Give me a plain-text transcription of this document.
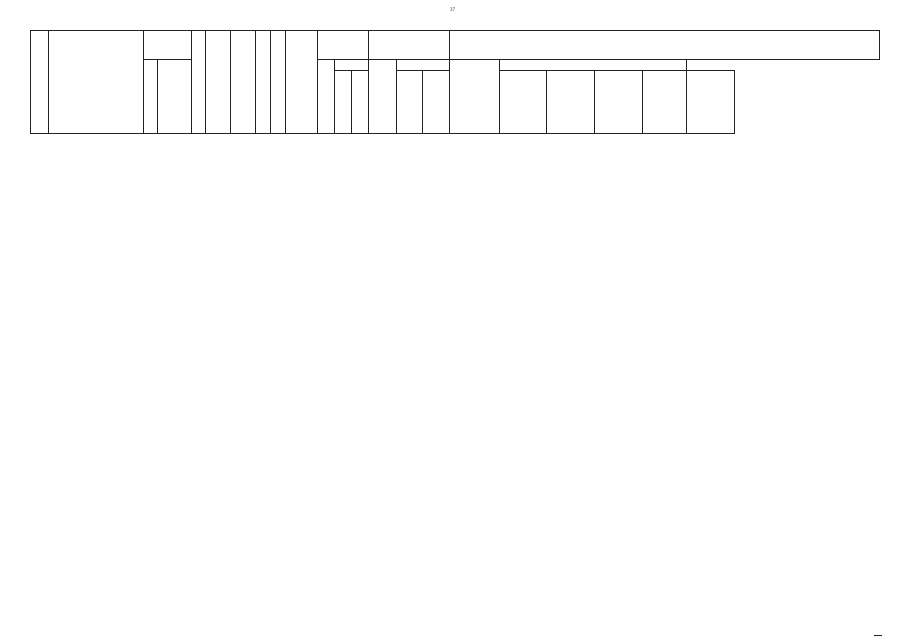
37
